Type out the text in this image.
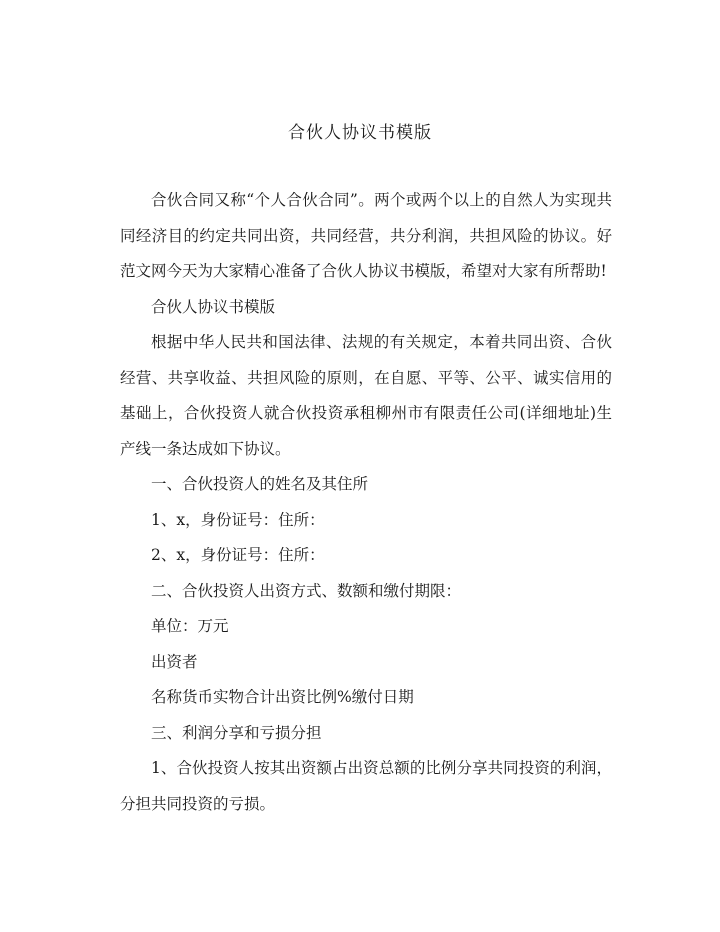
合伙人协议书模版

合伙合同又称“个人合伙合同”。两个或两个以上的自然人为实现共同经济目的约定共同出资，共同经营，共分利润，共担风险的协议。好范文网今天为大家精心准备了合伙人协议书模版，希望对大家有所帮助!

合伙人协议书模版

根据中华人民共和国法律、法规的有关规定，本着共同出资、合伙经营、共享收益、共担风险的原则，在自愿、平等、公平、诚实信用的基础上，合伙投资人就合伙投资承租柳州市有限责任公司(详细地址)生产线一条达成如下协议。

一、合伙投资人的姓名及其住所

1、x，身份证号：住所：

2、x，身份证号：住所：

二、合伙投资人出资方式、数额和缴付期限：

单位：万元

出资者

名称货币实物合计出资比例%缴付日期

三、利润分享和亏损分担

1、合伙投资人按其出资额占出资总额的比例分享共同投资的利润，分担共同投资的亏损。
